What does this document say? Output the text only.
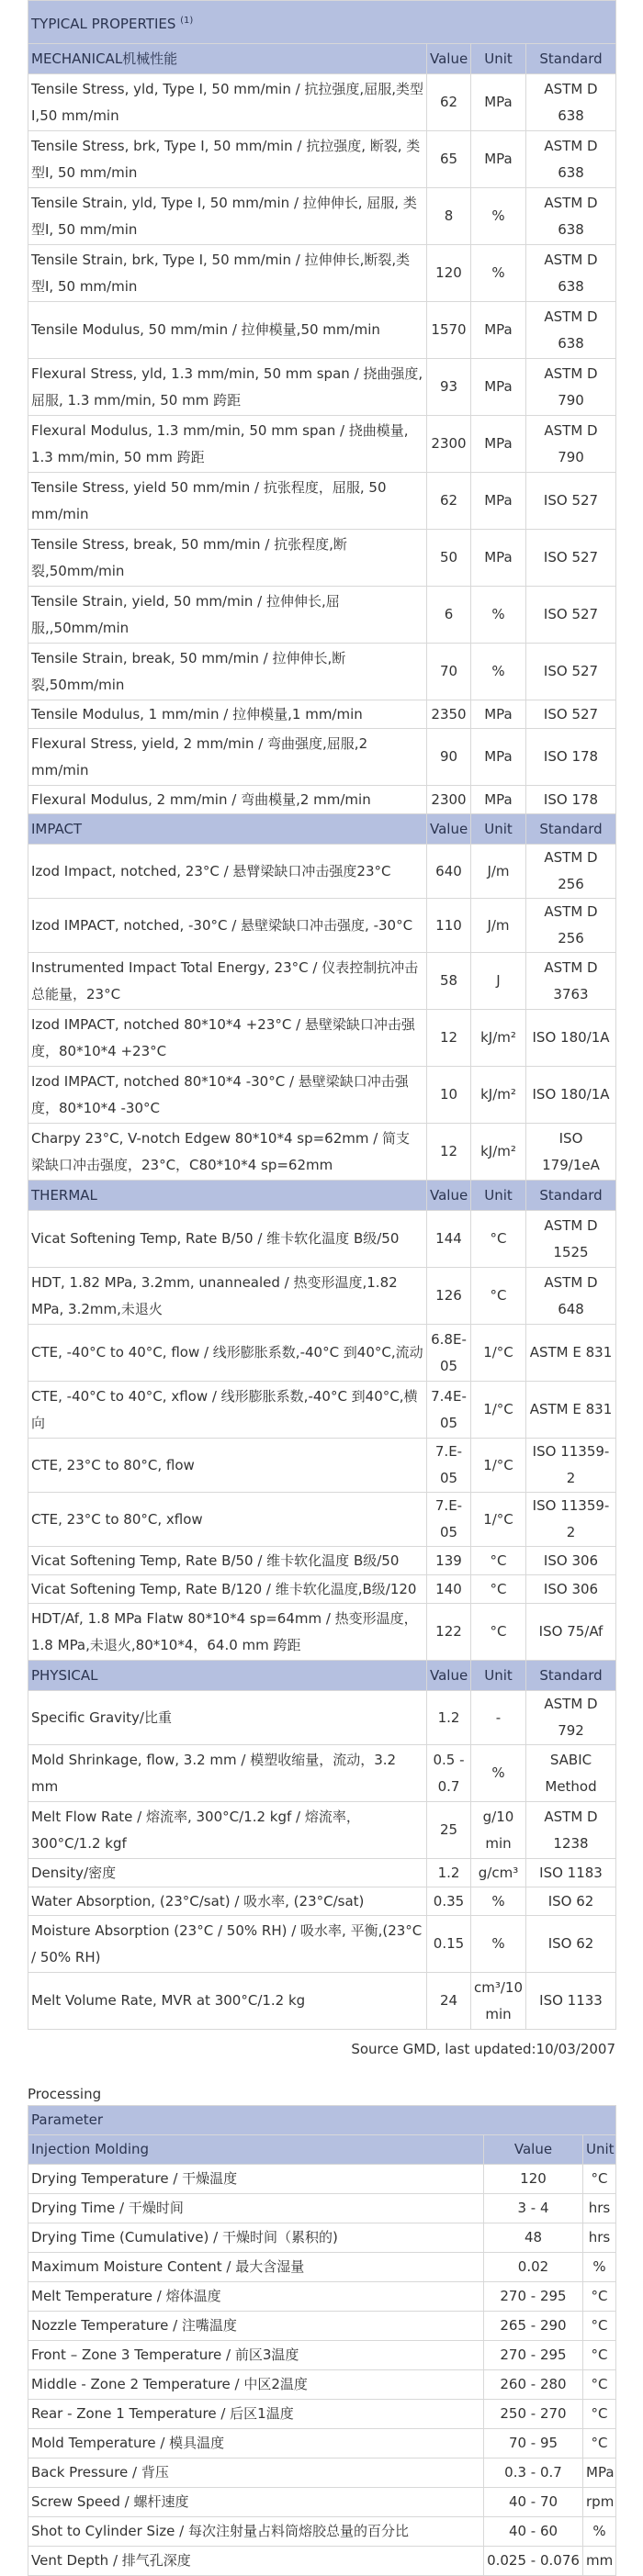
TYPICAL PROPERTIES $^{(1)}$
MECHANICAL机械性能	Value	Unit	Standard
Tensile Stress, yld, Type I, 50 mm/min / 抗拉强度,屈服,类型I,50 mm/min	62	MPa	ASTM D 638
Tensile Stress, brk, Type I, 50 mm/min / 抗拉强度, 断裂, 类型I, 50 mm/min	65	MPa	ASTM D 638
Tensile Strain, yld, Type I, 50 mm/min / 拉伸伸长, 屈服, 类型I, 50 mm/min	8	%	ASTM D 638
Tensile Strain, brk, Type I, 50 mm/min / 拉伸伸长,断裂,类型I, 50 mm/min	120	%	ASTM D 638
Tensile Modulus, 50 mm/min / 拉伸模量,50 mm/min	1570	MPa	ASTM D 638
Flexural Stress, yld, 1.3 mm/min, 50 mm span / 挠曲强度,屈服, 1.3 mm/min, 50 mm 跨距	93	MPa	ASTM D 790
Flexural Modulus, 1.3 mm/min, 50 mm span / 挠曲模量, 1.3 mm/min, 50 mm 跨距	2300	MPa	ASTM D 790
Tensile Stress, yield 50 mm/min / 抗张程度，屈服, 50 mm/min	62	MPa	ISO 527
Tensile Stress, break, 50 mm/min / 抗张程度,断裂,50mm/min	50	MPa	ISO 527
Tensile Strain, yield, 50 mm/min / 拉伸伸长,屈服,,50mm/min	6	%	ISO 527
Tensile Strain, break, 50 mm/min / 拉伸伸长,断裂,50mm/min	70	%	ISO 527
Tensile Modulus, 1 mm/min / 拉伸模量,1 mm/min	2350	MPa	ISO 527
Flexural Stress, yield, 2 mm/min / 弯曲强度,屈服,2 mm/min	90	MPa	ISO 178
Flexural Modulus, 2 mm/min / 弯曲模量,2 mm/min	2300	MPa	ISO 178
IMPACT	Value	Unit	Standard
Izod Impact, notched, 23°C / 悬臂梁缺口冲击强度23°C	640	J/m	ASTM D 256
Izod IMPACT, notched, -30°C / 悬壁梁缺口冲击强度, -30°C	110	J/m	ASTM D 256
Instrumented Impact Total Energy, 23°C / 仪表控制抗冲击总能量，23°C	58	J	ASTM D 3763
Izod IMPACT, notched 80*10*4 +23°C / 悬壁梁缺口冲击强度，80*10*4 +23°C	12	kJ/m²	ISO 180/1A
Izod IMPACT, notched 80*10*4 -30°C / 悬壁梁缺口冲击强度，80*10*4 -30°C	10	kJ/m²	ISO 180/1A
Charpy 23°C, V-notch Edgew 80*10*4 sp=62mm / 简支梁缺口冲击强度，23°C，C80*10*4 sp=62mm	12	kJ/m²	ISO 179/1eA
THERMAL	Value	Unit	Standard
Vicat Softening Temp, Rate B/50 / 维卡软化温度 B级/50	144	°C	ASTM D 1525
HDT, 1.82 MPa, 3.2mm, unannealed / 热变形温度,1.82 MPa, 3.2mm,未退火	126	°C	ASTM D 648
CTE, -40°C to 40°C, flow / 线形膨胀系数,-40°C 到40°C,流动	6.8E-05	1/°C	ASTM E 831
CTE, -40°C to 40°C, xflow / 线形膨胀系数,-40°C 到40°C,横向	7.4E-05	1/°C	ASTM E 831
CTE, 23°C to 80°C, flow	7.E-05	1/°C	ISO 11359-2
CTE, 23°C to 80°C, xflow	7.E-05	1/°C	ISO 11359-2
Vicat Softening Temp, Rate B/50 / 维卡软化温度 B级/50	139	°C	ISO 306
Vicat Softening Temp, Rate B/120 / 维卡软化温度,B级/120	140	°C	ISO 306
HDT/Af, 1.8 MPa Flatw 80*10*4 sp=64mm / 热变形温度，1.8 MPa,未退火,80*10*4，64.0 mm 跨距	122	°C	ISO 75/Af
PHYSICAL	Value	Unit	Standard
Specific Gravity/比重	1.2	-	ASTM D 792
Mold Shrinkage, flow, 3.2 mm / 模塑收缩量，流动，3.2 mm	0.5 - 0.7	%	SABIC Method
Melt Flow Rate / 熔流率, 300°C/1.2 kgf / 熔流率，300°C/1.2 kgf	25	g/10 min	ASTM D 1238
Density/密度	1.2	g/cm³	ISO 1183
Water Absorption, (23°C/sat) / 吸水率, (23°C/sat)	0.35	%	ISO 62
Moisture Absorption (23°C / 50% RH) / 吸水率, 平衡,(23°C / 50% RH)	0.15	%	ISO 62
Melt Volume Rate, MVR at 300°C/1.2 kg	24	cm³/10 min	ISO 1133
Source GMD, last updated:10/03/2007
Processing
Parameter		
Injection Molding	Value	Unit
Drying Temperature / 干燥温度	120	°C
Drying Time / 干燥时间	3 - 4	hrs
Drying Time (Cumulative) / 干燥时间（累积的)	48	hrs
Maximum Moisture Content / 最大含湿量	0.02	%
Melt Temperature / 熔体温度	270 - 295	°C
Nozzle Temperature / 注嘴温度	265 - 290	°C
Front – Zone 3 Temperature / 前区3温度	270 - 295	°C
Middle - Zone 2 Temperature / 中区2温度	260 - 280	°C
Rear - Zone 1 Temperature / 后区1温度	250 - 270	°C
Mold Temperature / 模具温度	70 - 95	°C
Back Pressure / 背压	0.3 - 0.7	MPa
Screw Speed / 螺杆速度	40 - 70	rpm
Shot to Cylinder Size / 每次注射量占料筒熔胶总量的百分比	40 - 60	%
Vent Depth / 排气孔深度	0.025 - 0.076	mm
